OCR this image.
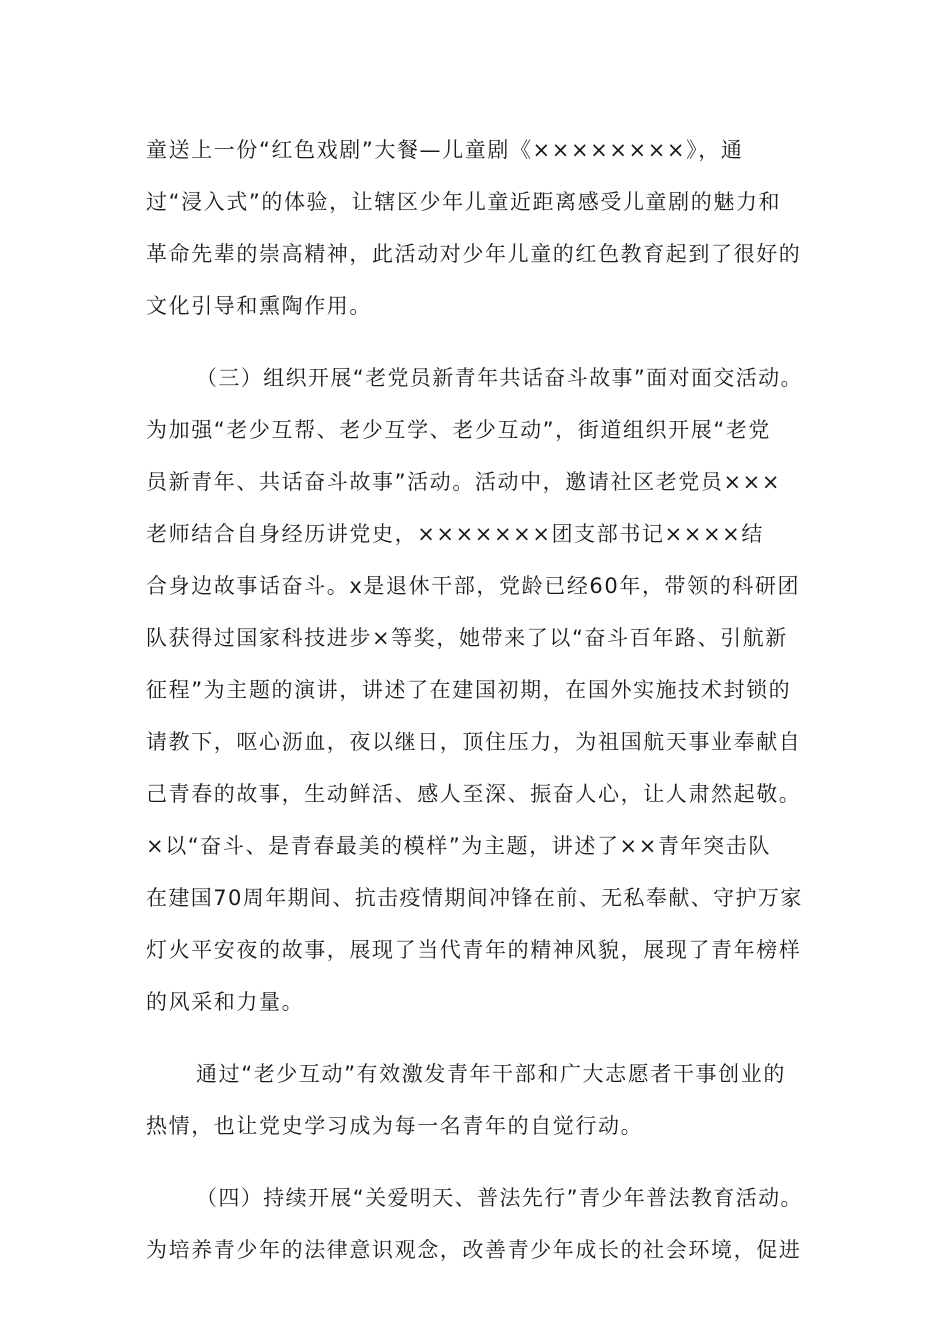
童送上一份“红色戏剧”大餐—儿童剧《××××××××》，通
过“浸入式”的体验，让辖区少年儿童近距离感受儿童剧的魅力和
革命先辈的崇高精神，此活动对少年儿童的红色教育起到了很好的
文化引导和熏陶作用。
（三）组织开展“老党员新青年共话奋斗故事”面对面交活动。
为加强“老少互帮、老少互学、老少互动”，街道组织开展“老党
员新青年、共话奋斗故事”活动。活动中，邀请社区老党员×××
老师结合自身经历讲党史，×××××××团支部书记××××结
合身边故事话奋斗。x是退休干部，党龄已经60年，带领的科研团
队获得过国家科技进步×等奖，她带来了以“奋斗百年路、引航新
征程”为主题的演讲，讲述了在建国初期，在国外实施技术封锁的
请教下，呕心沥血，夜以继日，顶住压力，为祖国航天事业奉献自
己青春的故事，生动鲜活、感人至深、振奋人心，让人肃然起敬。
×以“奋斗、是青春最美的模样”为主题，讲述了××青年突击队
在建国70周年期间、抗击疫情期间冲锋在前、无私奉献、守护万家
灯火平安夜的故事，展现了当代青年的精神风貌，展现了青年榜样
的风采和力量。
通过“老少互动”有效激发青年干部和广大志愿者干事创业的
热情，也让党史学习成为每一名青年的自觉行动。
（四）持续开展“关爱明天、普法先行”青少年普法教育活动。
为培养青少年的法律意识观念，改善青少年成长的社会环境，促进
